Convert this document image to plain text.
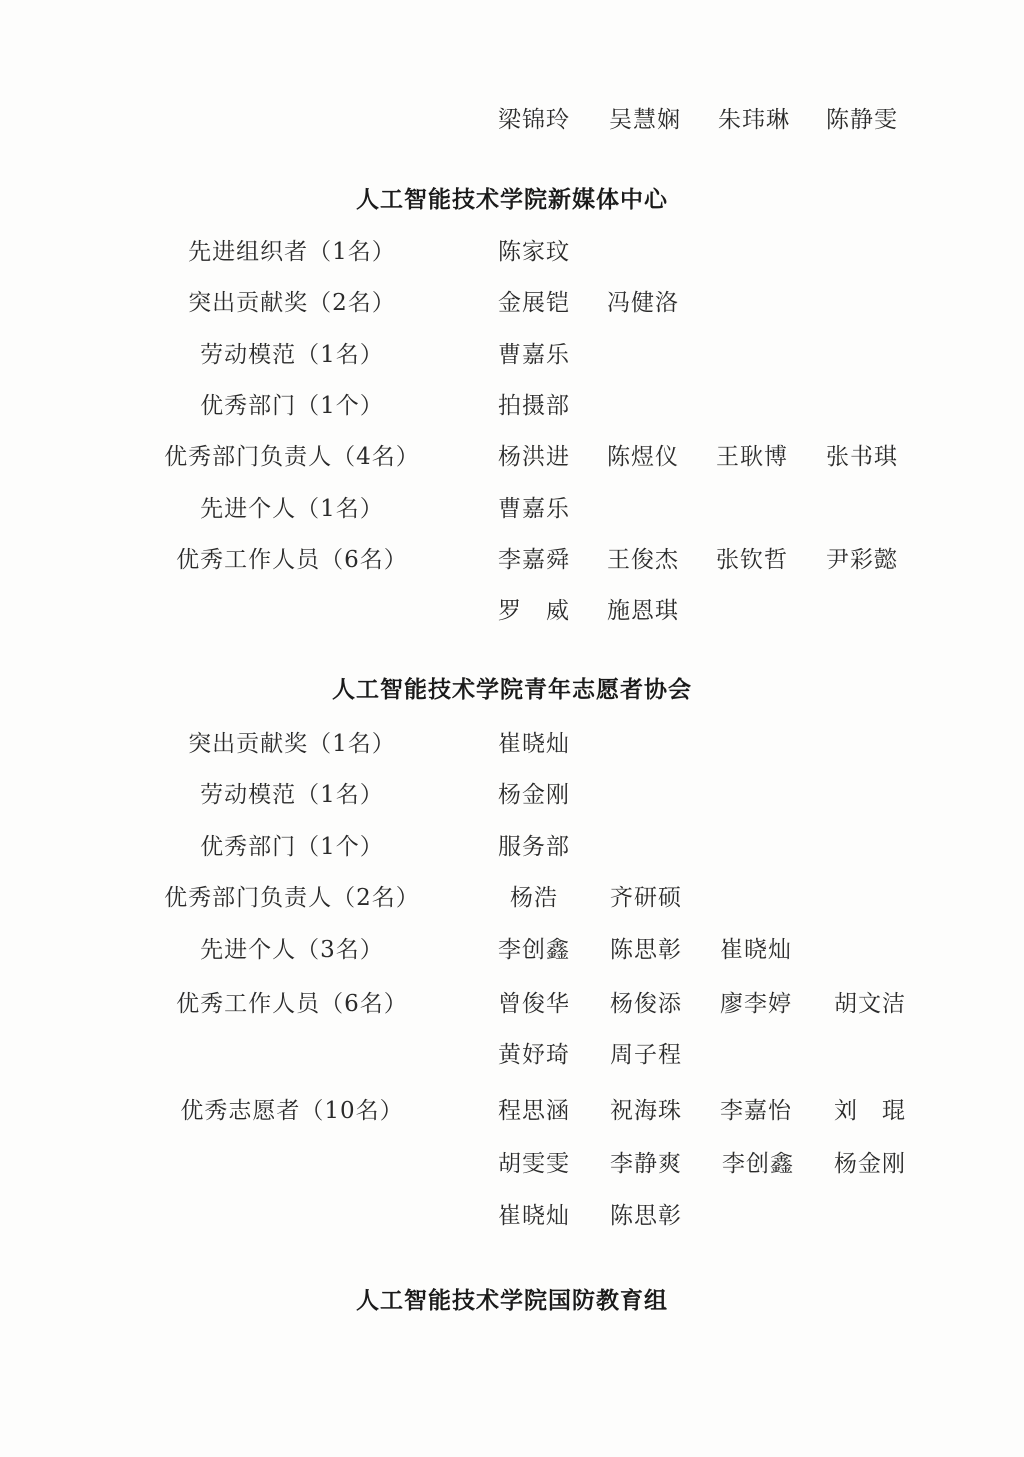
梁锦玲 吴慧娴 朱玮琳 陈静雯
人工智能技术学院新媒体中心
先进组织者（1名）	陈家玟
突出贡献奖（2名）	金展铠 冯健洛
劳动模范（1名）	曹嘉乐
优秀部门（1个）	拍摄部
优秀部门负责人（4名）	杨洪进 陈煜仪 王耿博 张书琪
先进个人（1名）	曹嘉乐
优秀工作人员（6名）	李嘉舜 王俊杰 张钦哲 尹彩懿
罗　威 施恩琪
人工智能技术学院青年志愿者协会
突出贡献奖（1名）	崔晓灿
劳动模范（1名）	杨金刚
优秀部门（1个）	服务部
优秀部门负责人（2名）	杨浩 齐研硕
先进个人（3名）	李创鑫 陈思彰 崔晓灿
优秀工作人员（6名）	曾俊华 杨俊添 廖李婷 胡文洁
黄妤琦 周子程
优秀志愿者（10名）	程思涵 祝海珠 李嘉怡 刘　琨
胡雯雯 李静爽 李创鑫 杨金刚
崔晓灿 陈思彰
人工智能技术学院国防教育组
